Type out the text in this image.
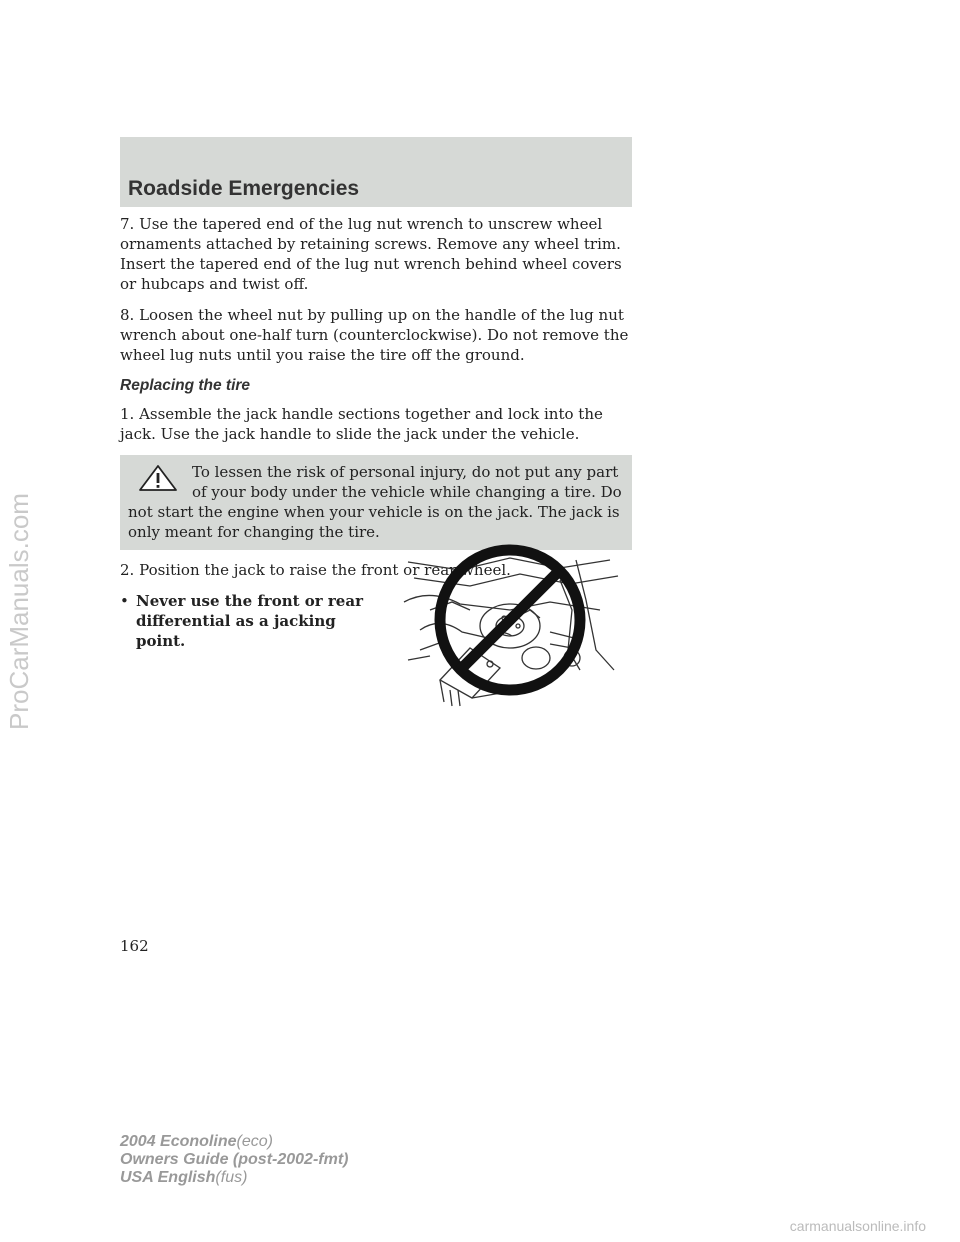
ProCarManuals.com
Roadside Emergencies

7. Use the tapered end of the lug nut wrench to unscrew wheel ornaments attached by retaining screws. Remove any wheel trim. Insert the tapered end of the lug nut wrench behind wheel covers or hubcaps and twist off.

8. Loosen the wheel nut by pulling up on the handle of the lug nut wrench about one-half turn (counterclockwise). Do not remove the wheel lug nuts until you raise the tire off the ground.

Replacing the tire

1. Assemble the jack handle sections together and lock into the jack. Use the jack handle to slide the jack under the vehicle.

To lessen the risk of personal injury, do not put any part of your body under the vehicle while changing a tire. Do not start the engine when your vehicle is on the jack. The jack is only meant for changing the tire.

2. Position the jack to raise the front or rear wheel.

• Never use the front or rear differential as a jacking point.
162
2004 Econoline(eco)
Owners Guide (post-2002-fmt)
USA English(fus)
carmanualsonline.info
